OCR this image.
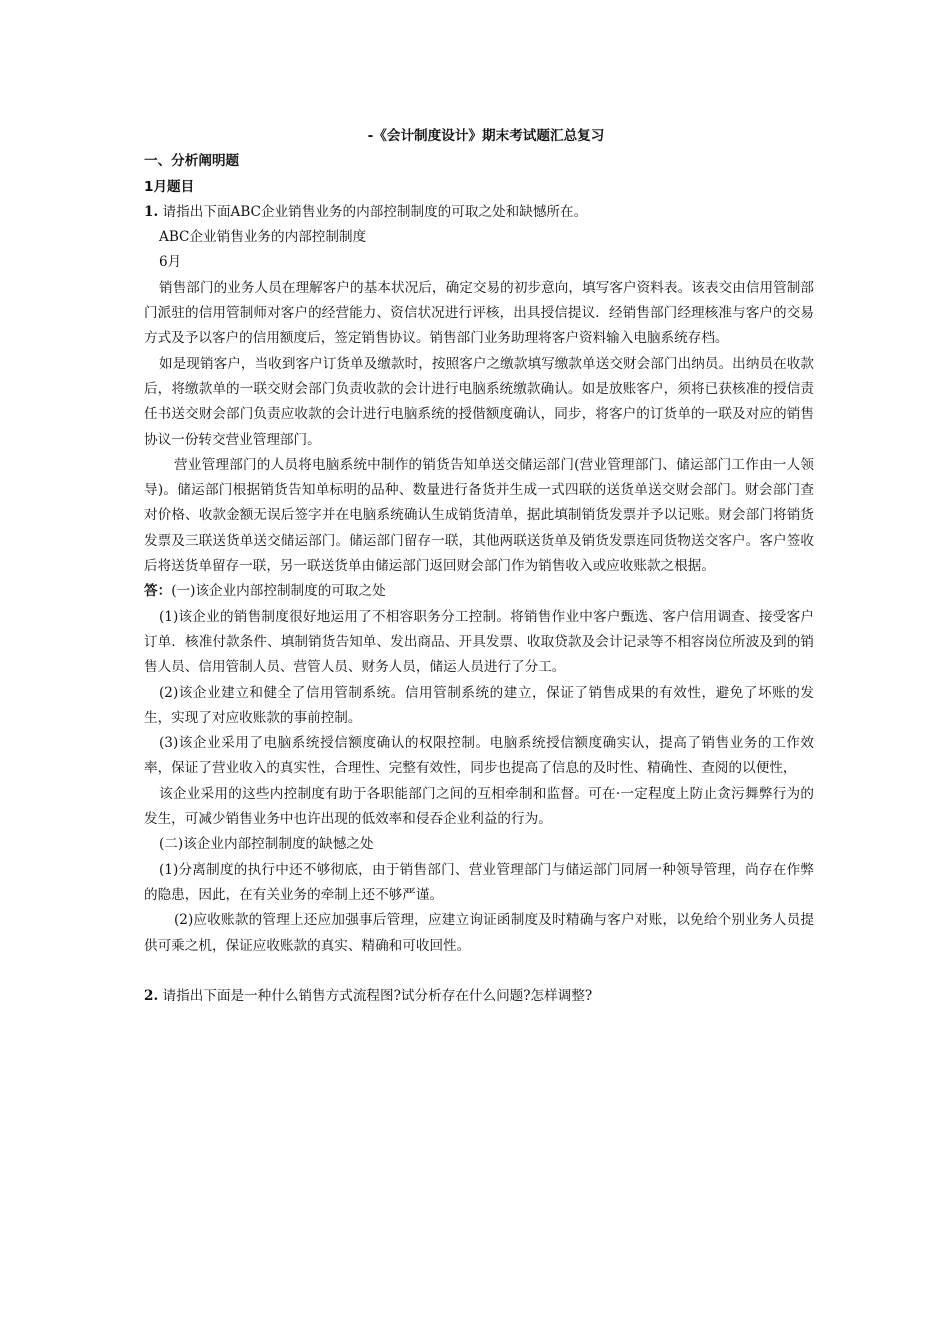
-《会计制度设计》期末考试题汇总复习

一、分析阐明题

1月题目

1. 请指出下面ABC企业销售业务的内部控制制度的可取之处和缺憾所在。

ABC企业销售业务的内部控制制度

6月

销售部门的业务人员在理解客户的基本状况后，确定交易的初步意向，填写客户资料表。该表交由信用管制部门派驻的信用管制师对客户的经营能力、资信状况进行评核，出具授信提议．经销售部门经理核准与客户的交易方式及予以客户的信用额度后，签定销售协议。销售部门业务助理将客户资料输入电脑系统存档。

如是现销客户，当收到客户订货单及缴款时，按照客户之缴款填写缴款单送交财会部门出纳员。出纳员在收款后，将缴款单的一联交财会部门负责收款的会计进行电脑系统缴款确认。如是放账客户，须将已获核准的授信责任书送交财会部门负责应收款的会计进行电脑系统的授偕额度确认，同步，将客户的订货单的一联及对应的销售协议一份转交营业管理部门。

营业管理部门的人员将电脑系统中制作的销货告知单送交储运部门(营业管理部门、储运部门工作由一人领导)。储运部门根据销货告知单标明的品种、数量进行备货并生成一式四联的送货单送交财会部门。财会部门查对价格、收款金额无误后签字并在电脑系统确认生成销货清单，据此填制销货发票并予以记账。财会部门将销货发票及三联送货单送交储运部门。储运部门留存一联，其他两联送货单及销货发票连同货物送交客户。客户签收后将送货单留存一联，另一联送货单由储运部门返回财会部门作为销售收入或应收账款之根据。

答：(一)该企业内部控制制度的可取之处

(1)该企业的销售制度很好地运用了不相容职务分工控制。将销售作业中客户甄选、客户信用调查、接受客户订单．核准付款条件、填制销货告知单、发出商品、开具发票、收取贷款及会计记录等不相容岗位所波及到的销售人员、信用管制人员、营管人员、财务人员，储运人员进行了分工。

(2)该企业建立和健全了信用管制系统。信用管制系统的建立，保证了销售成果的有效性，避免了坏账的发生，实现了对应收账款的事前控制。

(3)该企业采用了电脑系统授信额度确认的权限控制。电脑系统授信额度确实认，提高了销售业务的工作效率，保证了营业收入的真实性，合理性、完整有效性，同步也提高了信息的及时性、精确性、查阅的以便性，

该企业采用的这些内控制度有助于各职能部门之间的互相牵制和监督。可在·一定程度上防止贪污舞弊行为的发生，可减少销售业务中也许出现的低效率和侵吞企业利益的行为。

(二)该企业内部控制制度的缺憾之处

(1)分离制度的执行中还不够彻底，由于销售部门、营业管理部门与储运部门同屑一种领导管理，尚存在作弊的隐患，因此，在有关业务的牵制上还不够严谨。

(2)应收账款的管理上还应加强事后管理，应建立询证函制度及时精确与客户对账，以免给个别业务人员提供可乘之机，保证应收账款的真实、精确和可收回性。

2. 请指出下面是一种什么销售方式流程图?试分析存在什么问题?怎样调整?
